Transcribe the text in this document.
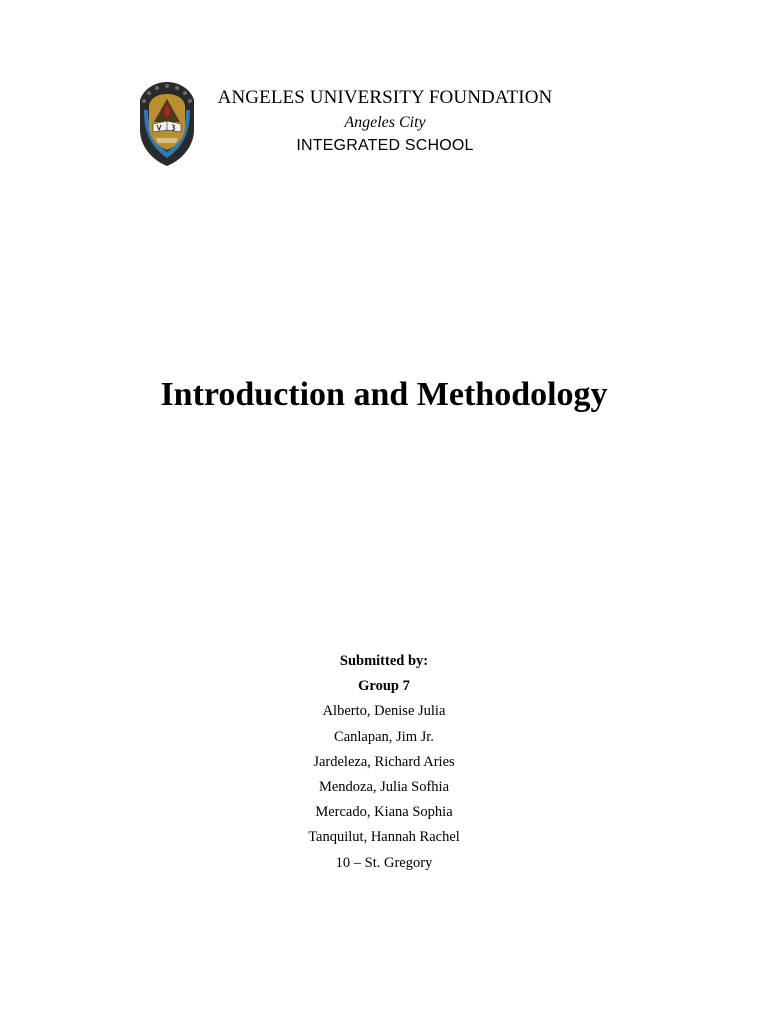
ANGELES UNIVERSITY FOUNDATION
Angeles City
INTEGRATED SCHOOL
Introduction and Methodology
Submitted by:
Group 7
Alberto, Denise Julia
Canlapan, Jim Jr.
Jardeleza, Richard Aries
Mendoza, Julia Sofhia
Mercado, Kiana Sophia
Tanquilut, Hannah Rachel
10 – St. Gregory
